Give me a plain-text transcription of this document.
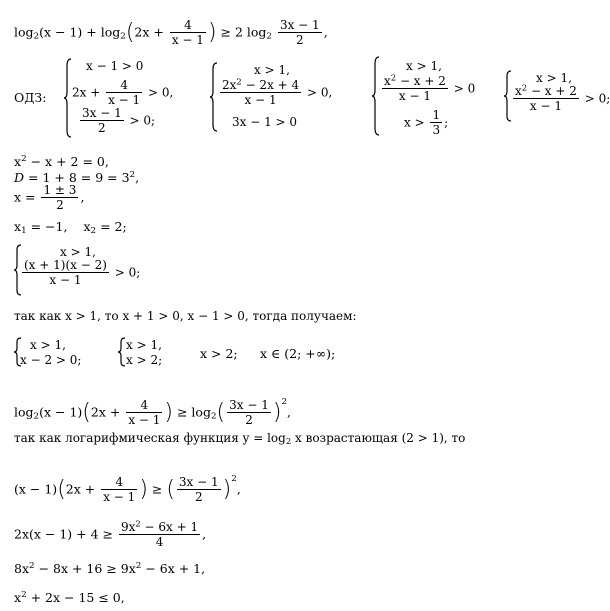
$\log_2(x - 1) + \log_2(2x + \frac{4}{x - 1}$ ) ≥ 2 $\log_2 \frac{3x - 1}{2}$ ,
ОДЗ:
x − 1 > 0
$2x + \frac{4}{x - 1} > 0$,
$\frac{3x - 1}{2} > 0$;
x > 1,
$\frac{2x^2 - 2x + 4}{x - 1} > 0$,
3x − 1 > 0
x > 1,
$\frac{x^2 - x + 2}{x - 1} > 0$
$x > \frac{1}{3}$ ;
x > 1,
$\frac{x^2 - x + 2}{x - 1} > 0$;
$x^2 - x + 2 = 0$,
$D = 1 + 8 = 9 = 3^2$,
$x = \frac{1 \pm 3}{2}$ ,
$x_1 = -1$, $x_2 = 2$;
x > 1,
$\frac{(x + 1)(x - 2)}{x - 1} > 0$;
так как x > 1, то x + 1 > 0, x − 1 > 0, тогда получаем:
x > 1,
x − 2 > 0;
x > 1,
x > 2;	x > 2; x ∈ (2; +∞);
$\log_2(x - 1)(2x + \frac{4}{x - 1}$ ) ≥ $\log_2( \frac{3x - 1}{2} )^2$,
так как логарифмическая функция $y = \log_2 x$ возрастающая (2 > 1), то
$(x - 1)(2x + \frac{4}{x - 1}$ ) ≥ ( $\frac{3x - 1}{2} )^2$,
$2x(x - 1) + 4 \ge \frac{9x^2 - 6x + 1}{4}$ ,
$8x^2 - 8x + 16 \ge 9x^2 - 6x + 1$,
$x^2 + 2x - 15 \le 0$,
